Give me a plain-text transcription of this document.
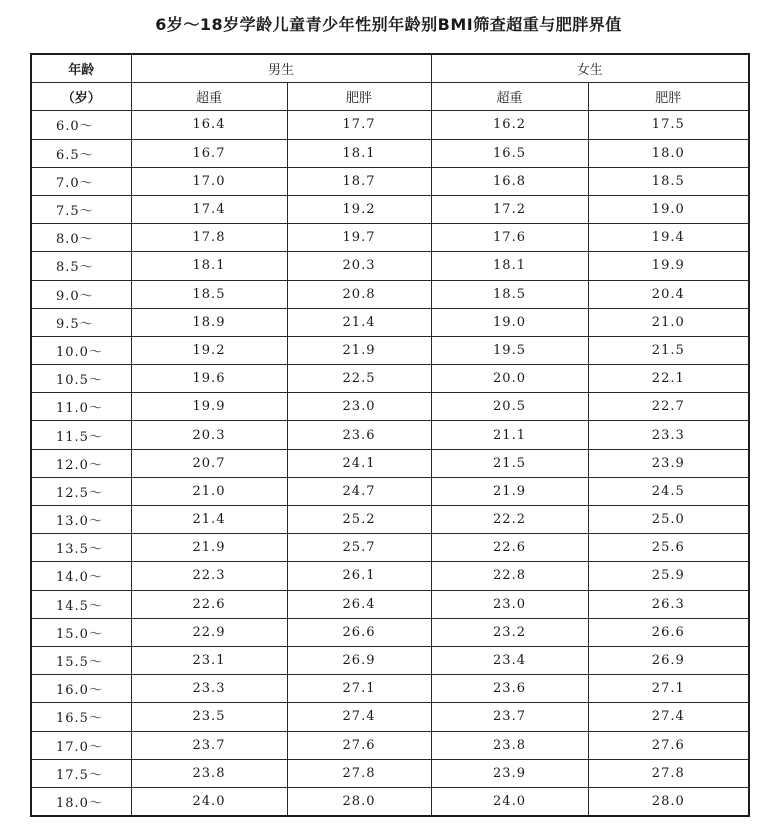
6岁～18岁学龄儿童青少年性别年龄别BMI筛查超重与肥胖界值
年龄	男生		女生	
（岁）	超重	肥胖	超重	肥胖
6.0～	16.4	17.7	16.2	17.5
6.5～	16.7	18.1	16.5	18.0
7.0～	17.0	18.7	16.8	18.5
7.5～	17.4	19.2	17.2	19.0
8.0～	17.8	19.7	17.6	19.4
8.5～	18.1	20.3	18.1	19.9
9.0～	18.5	20.8	18.5	20.4
9.5～	18.9	21.4	19.0	21.0
10.0～	19.2	21.9	19.5	21.5
10.5～	19.6	22.5	20.0	22.1
11.0～	19.9	23.0	20.5	22.7
11.5～	20.3	23.6	21.1	23.3
12.0～	20.7	24.1	21.5	23.9
12.5～	21.0	24.7	21.9	24.5
13.0～	21.4	25.2	22.2	25.0
13.5～	21.9	25.7	22.6	25.6
14.0～	22.3	26.1	22.8	25.9
14.5～	22.6	26.4	23.0	26.3
15.0～	22.9	26.6	23.2	26.6
15.5～	23.1	26.9	23.4	26.9
16.0～	23.3	27.1	23.6	27.1
16.5～	23.5	27.4	23.7	27.4
17.0～	23.7	27.6	23.8	27.6
17.5～	23.8	27.8	23.9	27.8
18.0～	24.0	28.0	24.0	28.0
